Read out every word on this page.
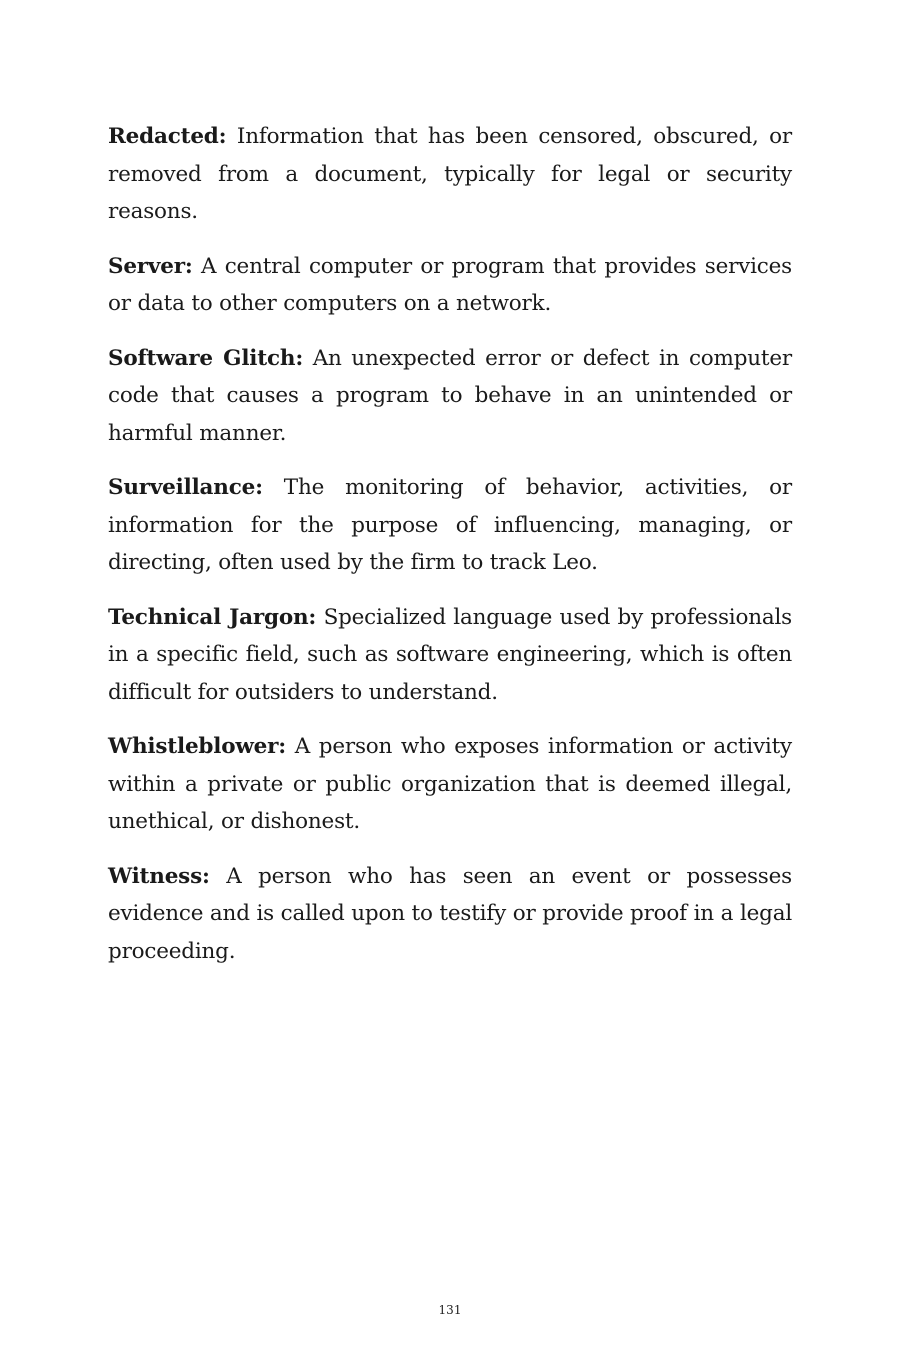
Redacted: Information that has been censored, obscured, or removed from a document, typically for legal or security reasons.

Server: A central computer or program that provides services or data to other computers on a network.

Software Glitch: An unexpected error or defect in computer code that causes a program to behave in an unintended or harmful manner.

Surveillance: The monitoring of behavior, activities, or information for the purpose of influencing, managing, or directing, often used by the firm to track Leo.

Technical Jargon: Specialized language used by professionals in a specific field, such as software engineering, which is often difficult for outsiders to understand.

Whistleblower: A person who exposes information or activity within a private or public organization that is deemed illegal, unethical, or dishonest.

Witness: A person who has seen an event or possesses evidence and is called upon to testify or provide proof in a legal proceeding.

131
